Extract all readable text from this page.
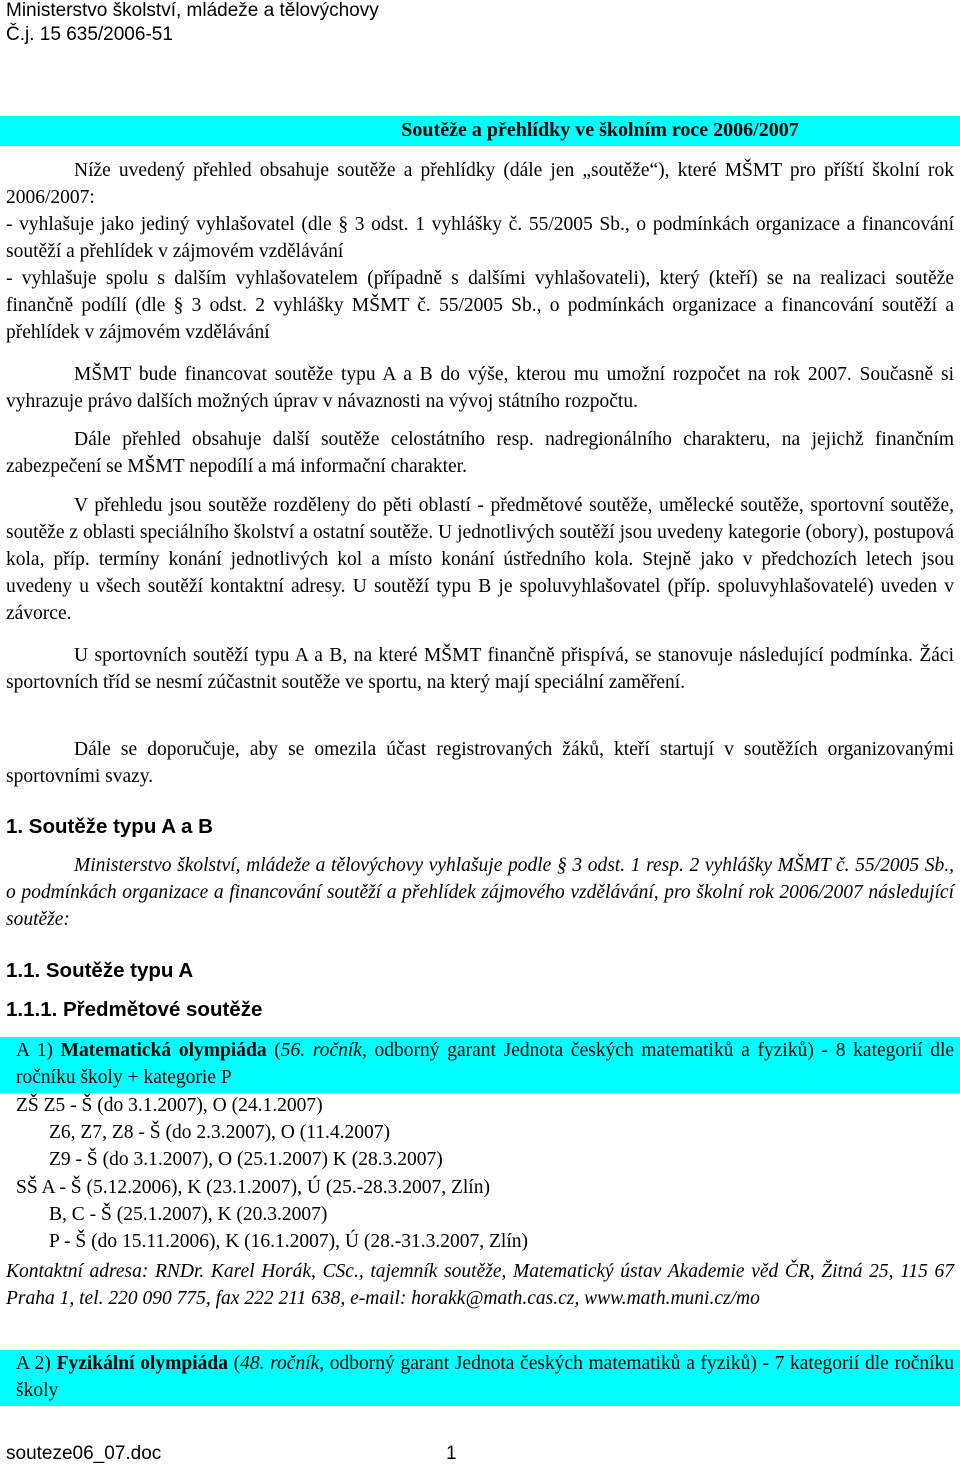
Ministerstvo školství, mládeže a tělovýchovy
Č.j. 15 635/2006-51
Soutěže a přehlídky ve školním roce 2006/2007
Níže uvedený přehled obsahuje soutěže a přehlídky (dále jen „soutěže“), které MŠMT pro příští školní rok 2006/2007:
- vyhlašuje jako jediný vyhlašovatel (dle § 3 odst. 1 vyhlášky č. 55/2005 Sb., o podmínkách organizace a financování soutěží a přehlídek v zájmovém vzdělávání
- vyhlašuje spolu s dalším vyhlašovatelem (případně s dalšími vyhlašovateli), který (kteří) se na realizaci soutěže finančně podílí (dle § 3 odst. 2 vyhlášky MŠMT č. 55/2005 Sb., o podmínkách organizace a financování soutěží a přehlídek v zájmovém vzdělávání
MŠMT bude financovat soutěže typu A a B do výše, kterou mu umožní rozpočet na rok 2007. Současně si vyhrazuje právo dalších možných úprav v návaznosti na vývoj státního rozpočtu.
Dále přehled obsahuje další soutěže celostátního resp. nadregionálního charakteru, na jejichž finančním zabezpečení se MŠMT nepodílí a má informační charakter.
V přehledu jsou soutěže rozděleny do pěti oblastí - předmětové soutěže, umělecké soutěže, sportovní soutěže, soutěže z oblasti speciálního školství a ostatní soutěže. U jednotlivých soutěží jsou uvedeny kategorie (obory), postupová kola, příp. termíny konání jednotlivých kol a místo konání ústředního kola. Stejně jako v předchozích letech jsou uvedeny u všech soutěží kontaktní adresy. U soutěží typu B je spoluvyhlašovatel (příp. spoluvyhlašovatelé) uveden v závorce.
U sportovních soutěží typu A a B, na které MŠMT finančně přispívá, se stanovuje následující podmínka. Žáci sportovních tříd se nesmí zúčastnit soutěže ve sportu, na který mají speciální zaměření.
Dále se doporučuje, aby se omezila účast registrovaných žáků, kteří startují v soutěžích organizovanými sportovními svazy.
1. Soutěže typu A a B
Ministerstvo školství, mládeže a tělovýchovy vyhlašuje podle § 3 odst. 1 resp. 2 vyhlášky MŠMT č. 55/2005 Sb., o podmínkách organizace a financování soutěží a přehlídek zájmového vzdělávání, pro školní rok 2006/2007 následující soutěže:
1.1. Soutěže typu A
1.1.1. Předmětové soutěže
A 1) Matematická olympiáda (56. ročník, odborný garant Jednota českých matematiků a fyziků) - 8 kategorií dle ročníku školy + kategorie P
ZŠ Z5 - Š (do 3.1.2007), O (24.1.2007)
Z6, Z7, Z8 - Š (do 2.3.2007), O (11.4.2007)
Z9 - Š (do 3.1.2007), O (25.1.2007) K (28.3.2007)
SŠ A - Š (5.12.2006), K (23.1.2007), Ú (25.-28.3.2007, Zlín)
B, C - Š (25.1.2007), K (20.3.2007)
P - Š (do 15.11.2006), K (16.1.2007), Ú (28.-31.3.2007, Zlín)
Kontaktní adresa: RNDr. Karel Horák, CSc., tajemník soutěže, Matematický ústav Akademie věd ČR, Žitná 25, 115 67 Praha 1, tel. 220 090 775, fax 222 211 638, e-mail: horakk@math.cas.cz, www.math.muni.cz/mo
A 2) Fyzikální olympiáda (48. ročník, odborný garant Jednota českých matematiků a fyziků) - 7 kategorií dle ročníku školy
souteze06_07.doc	1
